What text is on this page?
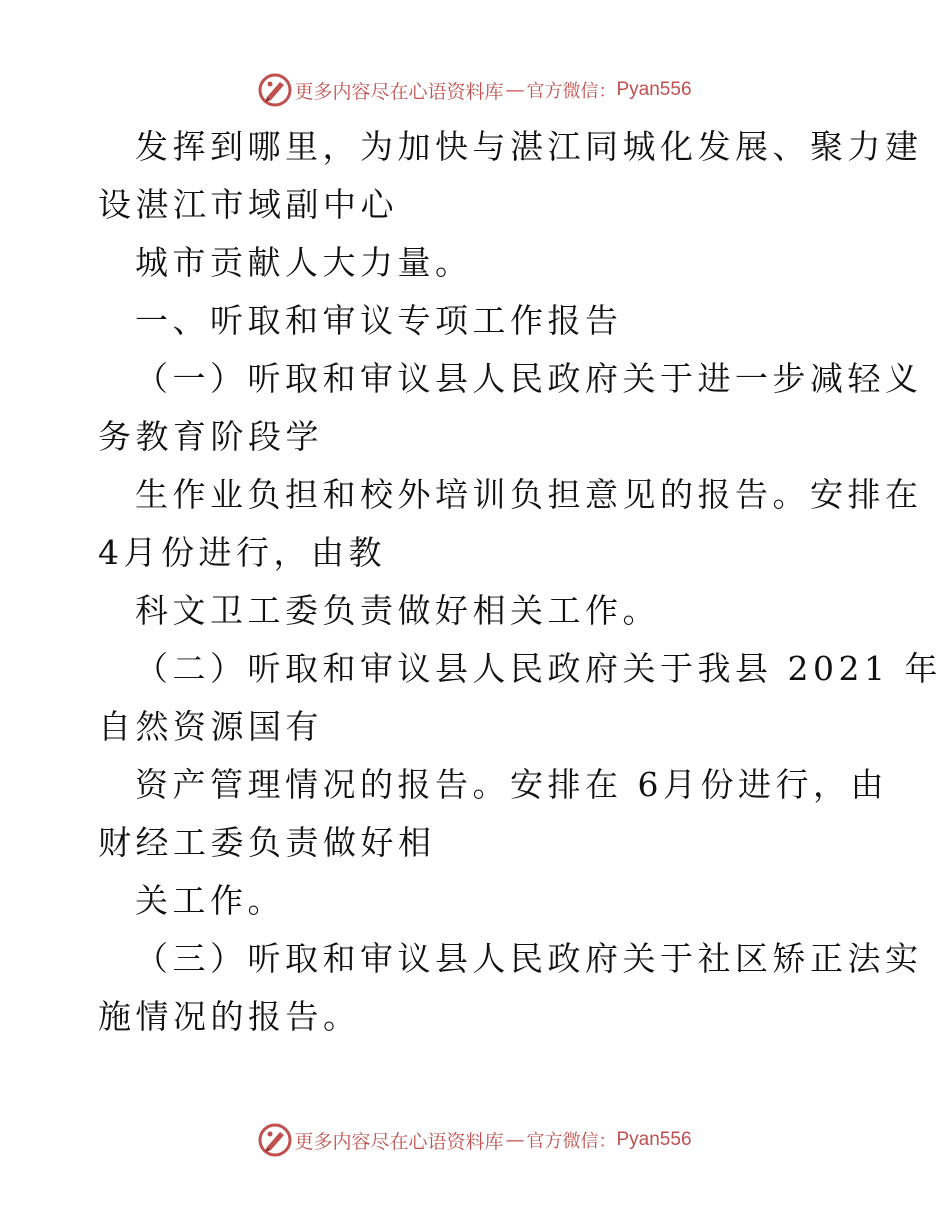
更多内容尽在心语资料库 — 官方微信： Pyan556
发挥到哪里，为加快与湛江同城化发展、聚力建
设湛江市域副中心
城市贡献人大力量。
一、听取和审议专项工作报告
（一）听取和审议县人民政府关于进一步减轻义
务教育阶段学
生作业负担和校外培训负担意见的报告。安排在
4月份进行，由教
科文卫工委负责做好相关工作。
（二）听取和审议县人民政府关于我县 2021 年
自然资源国有
资产管理情况的报告。安排在 6月份进行，由
财经工委负责做好相
关工作。
（三）听取和审议县人民政府关于社区矫正法实
施情况的报告。
更多内容尽在心语资料库 — 官方微信： Pyan556
